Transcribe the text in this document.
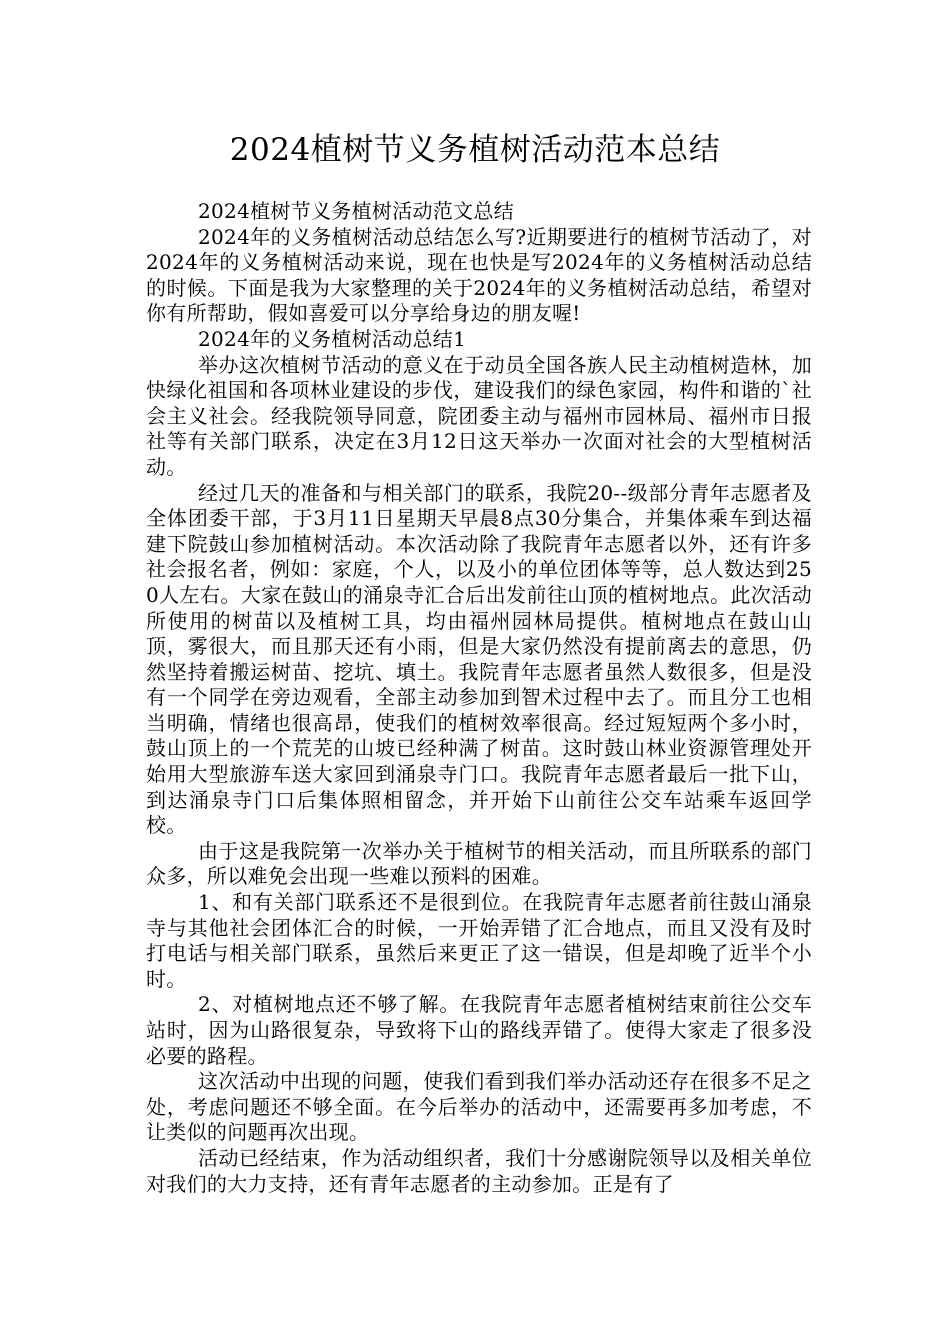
2024植树节义务植树活动范本总结

2024植树节义务植树活动范文总结

2024年的义务植树活动总结怎么写?近期要进行的植树节活动了，对2024年的义务植树活动来说，现在也快是写2024年的义务植树活动总结的时候。下面是我为大家整理的关于2024年的义务植树活动总结，希望对你有所帮助，假如喜爱可以分享给身边的朋友喔!

2024年的义务植树活动总结1

举办这次植树节活动的意义在于动员全国各族人民主动植树造林，加快绿化祖国和各项林业建设的步伐，建设我们的绿色家园，构件和谐的`社会主义社会。经我院领导同意，院团委主动与福州市园林局、福州市日报社等有关部门联系，决定在3月12日这天举办一次面对社会的大型植树活动。

经过几天的准备和与相关部门的联系，我院20--级部分青年志愿者及全体团委干部，于3月11日星期天早晨8点30分集合，并集体乘车到达福建下院鼓山参加植树活动。本次活动除了我院青年志愿者以外，还有许多社会报名者，例如：家庭，个人，以及小的单位团体等等，总人数达到250人左右。大家在鼓山的涌泉寺汇合后出发前往山顶的植树地点。此次活动所使用的树苗以及植树工具，均由福州园林局提供。植树地点在鼓山山顶，雾很大，而且那天还有小雨，但是大家仍然没有提前离去的意思，仍然坚持着搬运树苗、挖坑、填土。我院青年志愿者虽然人数很多，但是没有一个同学在旁边观看，全部主动参加到智术过程中去了。而且分工也相当明确，情绪也很高昂，使我们的植树效率很高。经过短短两个多小时，鼓山顶上的一个荒芜的山坡已经种满了树苗。这时鼓山林业资源管理处开始用大型旅游车送大家回到涌泉寺门口。我院青年志愿者最后一批下山，到达涌泉寺门口后集体照相留念，并开始下山前往公交车站乘车返回学校。

由于这是我院第一次举办关于植树节的相关活动，而且所联系的部门众多，所以难免会出现一些难以预料的困难。

1、和有关部门联系还不是很到位。在我院青年志愿者前往鼓山涌泉寺与其他社会团体汇合的时候，一开始弄错了汇合地点，而且又没有及时打电话与相关部门联系，虽然后来更正了这一错误，但是却晚了近半个小时。

2、对植树地点还不够了解。在我院青年志愿者植树结束前往公交车站时，因为山路很复杂，导致将下山的路线弄错了。使得大家走了很多没必要的路程。

这次活动中出现的问题，使我们看到我们举办活动还存在很多不足之处，考虑问题还不够全面。在今后举办的活动中，还需要再多加考虑，不让类似的问题再次出现。

活动已经结束，作为活动组织者，我们十分感谢院领导以及相关单位对我们的大力支持，还有青年志愿者的主动参加。正是有了
